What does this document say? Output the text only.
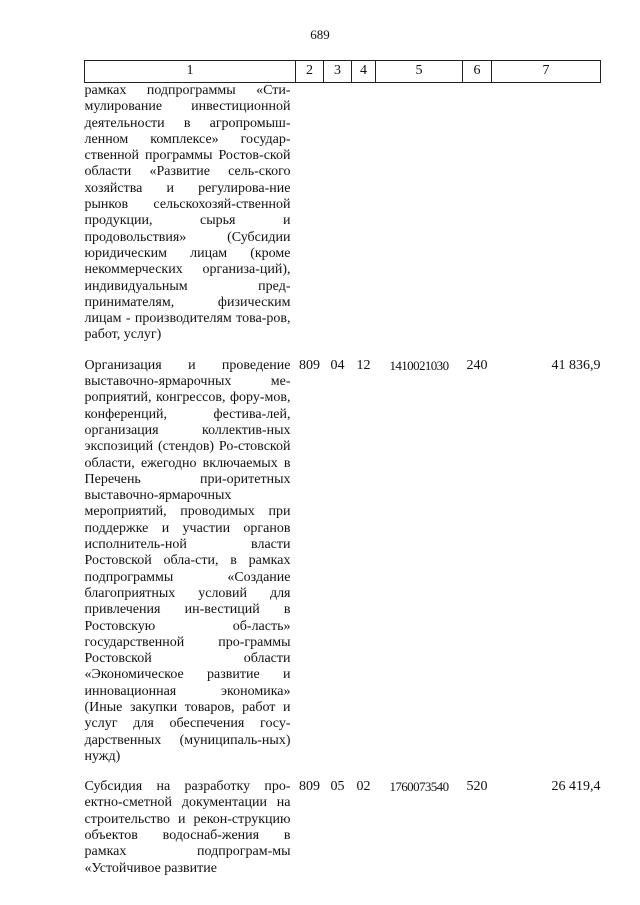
689
1	2	3	4	5	6	7
рамках подпрограммы «Сти-мулирование инвестиционной деятельности в агропромыш-ленном комплексе» государ-ственной программы Ростов-ской области «Развитие сель-ского хозяйства и регулирова-ние рынков сельскохозяй-ственной продукции, сырья и продовольствия» (Субсидии юридическим лицам (кроме некоммерческих организа-ций), индивидуальным пред-принимателям, физическим лицам - производителям това-ров, работ, услуг)						
Организация и проведение выставочно-ярмарочных ме-роприятий, конгрессов, фору-мов, конференций, фестива-лей, организация коллектив-ных экспозиций (стендов) Ро-стовской области, ежегодно включаемых в Перечень при-оритетных выставочно-ярмарочных мероприятий, проводимых при поддержке и участии органов исполнитель-ной власти Ростовской обла-сти, в рамках подпрограммы «Создание благоприятных условий для привлечения ин-вестиций в Ростовскую об-ласть» государственной про-граммы Ростовской области «Экономическое развитие и инновационная экономика» (Иные закупки товаров, работ и услуг для обеспечения госу-дарственных (муниципаль-ных) нужд)	809	04	12	1410021030	240	41 836,9
Субсидия на разработку про-ектно-сметной документации на строительство и рекон-струкцию объектов водоснаб-жения в рамках подпрограм-мы «Устойчивое развитие	809	05	02	1760073540	520	26 419,4
